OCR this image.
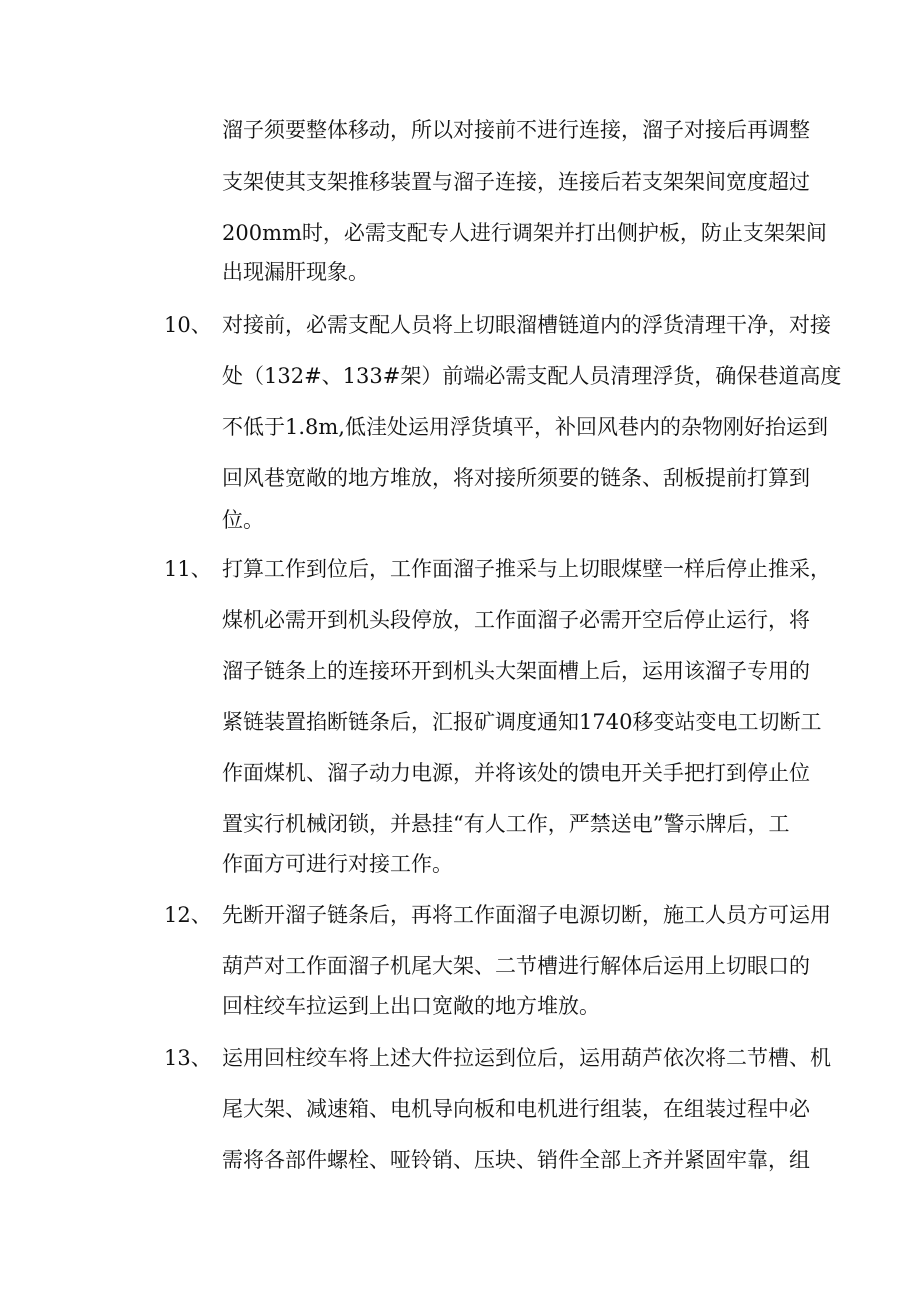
溜子须要整体移动，所以对接前不进行连接，溜子对接后再调整
支架使其支架推移装置与溜子连接，连接后若支架架间宽度超过
200mm时，必需支配专人进行调架并打出侧护板，防止支架架间
出现漏肝现象。
10、 对接前，必需支配人员将上切眼溜槽链道内的浮货清理干净，对接
处（132#、133#架）前端必需支配人员清理浮货，确保巷道高度
不低于1.8m,低洼处运用浮货填平，补回风巷内的杂物刚好抬运到
回风巷宽敞的地方堆放，将对接所须要的链条、刮板提前打算到
位。
11、 打算工作到位后，工作面溜子推采与上切眼煤壁一样后停止推采，
煤机必需开到机头段停放，工作面溜子必需开空后停止运行，将
溜子链条上的连接环开到机头大架面槽上后，运用该溜子专用的
紧链装置掐断链条后，汇报矿调度通知1740移变站变电工切断工
作面煤机、溜子动力电源，并将该处的馈电开关手把打到停止位
置实行机械闭锁，并悬挂“有人工作，严禁送电”警示牌后，工
作面方可进行对接工作。
12、 先断开溜子链条后，再将工作面溜子电源切断，施工人员方可运用
葫芦对工作面溜子机尾大架、二节槽进行解体后运用上切眼口的
回柱绞车拉运到上出口宽敞的地方堆放。
13、 运用回柱绞车将上述大件拉运到位后，运用葫芦依次将二节槽、机
尾大架、减速箱、电机导向板和电机进行组装，在组装过程中必
需将各部件螺栓、哑铃销、压块、销件全部上齐并紧固牢靠，组
